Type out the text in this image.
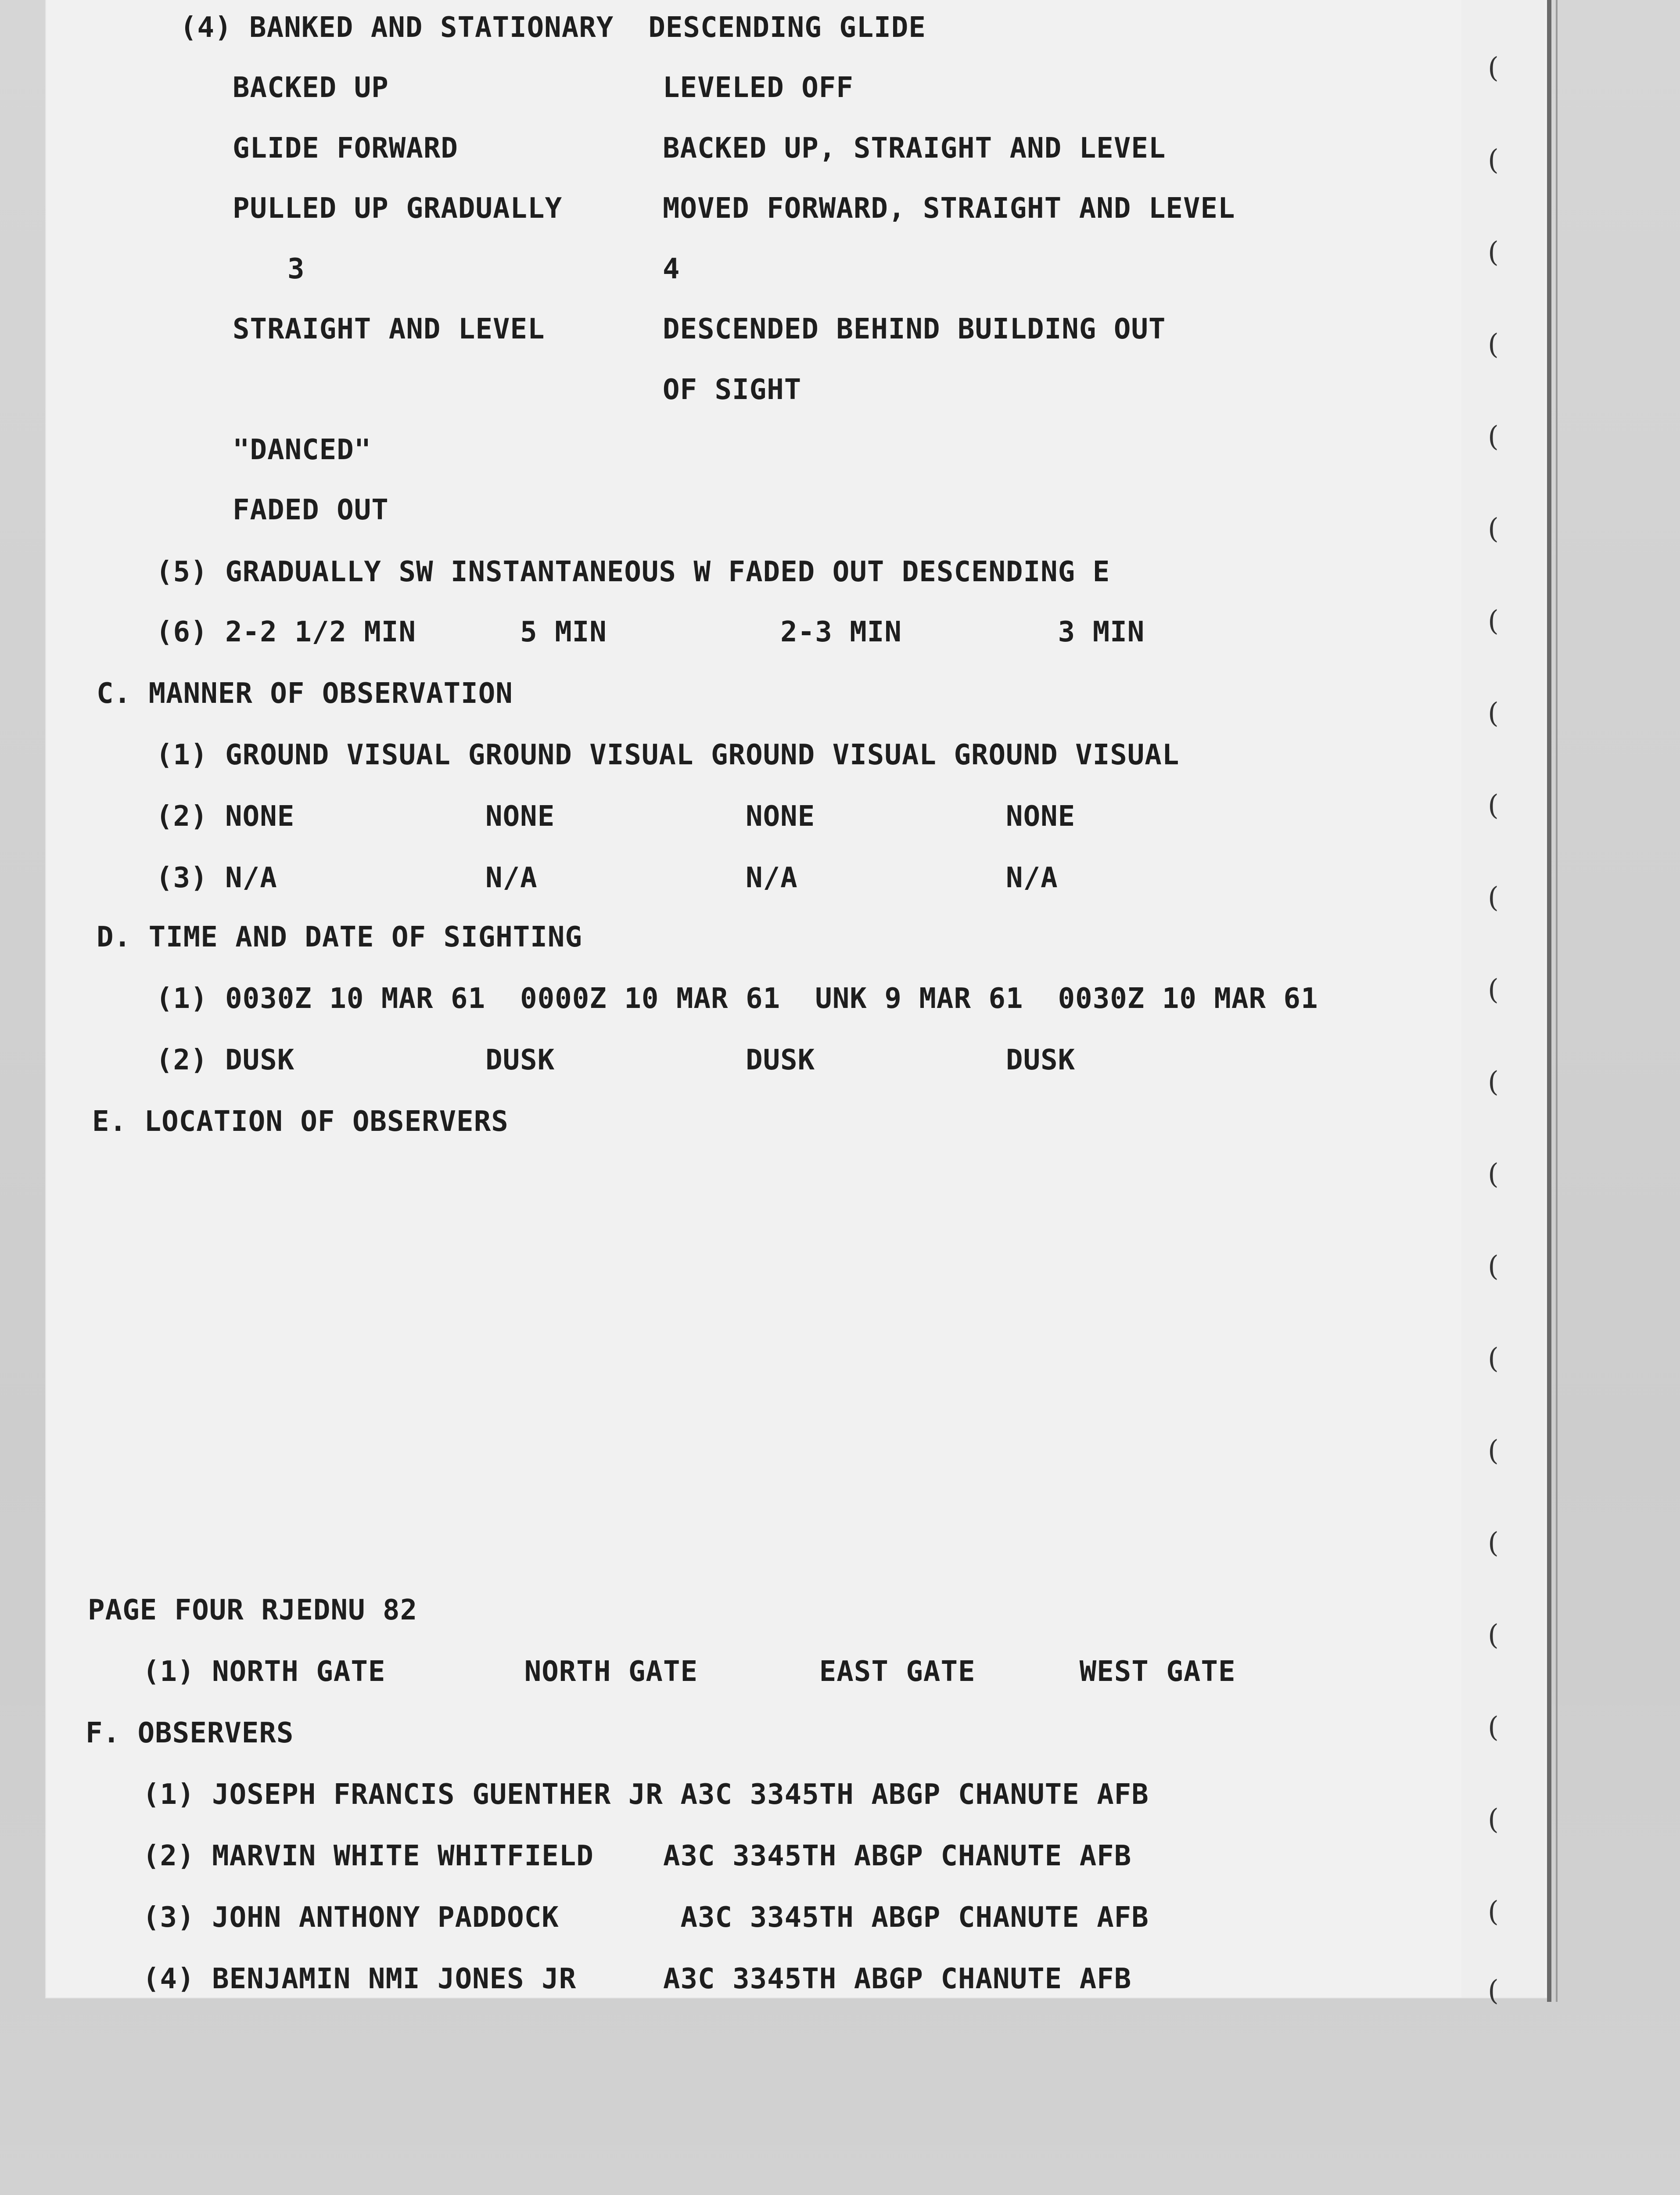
(
(
(
(
(
(
(
(
(
(
(
(
(
(
(
(
(
(
(
(
(
(
(4) BANKED AND STATIONARY  DESCENDING GLIDE
BACKED UP	LEVELED OFF
GLIDE FORWARD	BACKED UP, STRAIGHT AND LEVEL
PULLED UP GRADUALLY	MOVED FORWARD, STRAIGHT AND LEVEL
3	4
STRAIGHT AND LEVEL	DESCENDED BEHIND BUILDING OUT
OF SIGHT
"DANCED"
FADED OUT
(5) GRADUALLY SW INSTANTANEOUS W FADED OUT DESCENDING E
(6) 2-2 1/2 MIN      5 MIN          2-3 MIN         3 MIN
C. MANNER OF OBSERVATION
(1) GROUND VISUAL GROUND VISUAL GROUND VISUAL GROUND VISUAL
(2) NONE           NONE           NONE           NONE
(3) N/A            N/A            N/A            N/A
D. TIME AND DATE OF SIGHTING
(1) 0030Z 10 MAR 61  0000Z 10 MAR 61  UNK 9 MAR 61  0030Z 10 MAR 61
(2) DUSK           DUSK           DUSK           DUSK
E. LOCATION OF OBSERVERS
PAGE FOUR RJEDNU 82
(1) NORTH GATE        NORTH GATE       EAST GATE      WEST GATE
F. OBSERVERS
(1) JOSEPH FRANCIS GUENTHER JR A3C 3345TH ABGP CHANUTE AFB
(2) MARVIN WHITE WHITFIELD    A3C 3345TH ABGP CHANUTE AFB
(3) JOHN ANTHONY PADDOCK       A3C 3345TH ABGP CHANUTE AFB
(4) BENJAMIN NMI JONES JR     A3C 3345TH ABGP CHANUTE AFB
